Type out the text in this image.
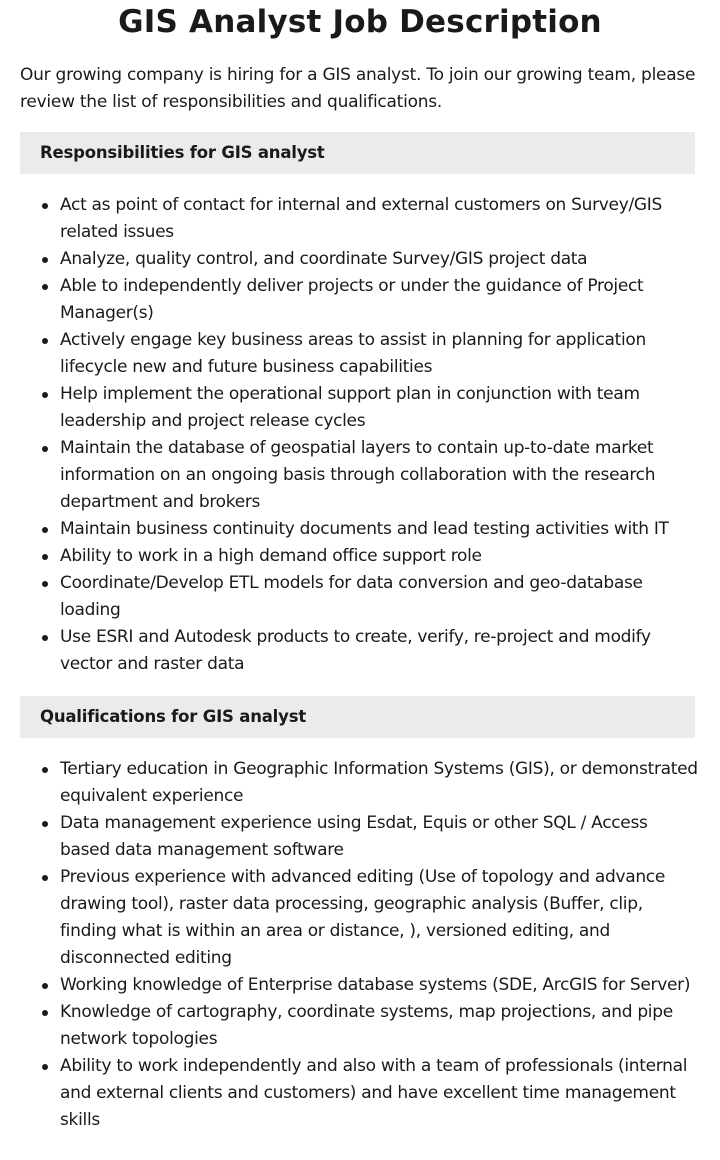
GIS Analyst Job Description

Our growing company is hiring for a GIS analyst. To join our growing team, please review the list of responsibilities and qualifications.

Responsibilities for GIS analyst
Act as point of contact for internal and external customers on Survey/GIS related issues
Analyze, quality control, and coordinate Survey/GIS project data
Able to independently deliver projects or under the guidance of Project Manager(s)
Actively engage key business areas to assist in planning for application lifecycle new and future business capabilities
Help implement the operational support plan in conjunction with team leadership and project release cycles
Maintain the database of geospatial layers to contain up-to-date market information on an ongoing basis through collaboration with the research department and brokers
Maintain business continuity documents and lead testing activities with IT
Ability to work in a high demand office support role
Coordinate/Develop ETL models for data conversion and geo-database loading
Use ESRI and Autodesk products to create, verify, re-project and modify vector and raster data
Qualifications for GIS analyst
Tertiary education in Geographic Information Systems (GIS), or demonstrated equivalent experience
Data management experience using Esdat, Equis or other SQL / Access based data management software
Previous experience with advanced editing (Use of topology and advance drawing tool), raster data processing, geographic analysis (Buffer, clip, finding what is within an area or distance, ), versioned editing, and disconnected editing
Working knowledge of Enterprise database systems (SDE, ArcGIS for Server)
Knowledge of cartography, coordinate systems, map projections, and pipe network topologies
Ability to work independently and also with a team of professionals (internal and external clients and customers) and have excellent time management skills
